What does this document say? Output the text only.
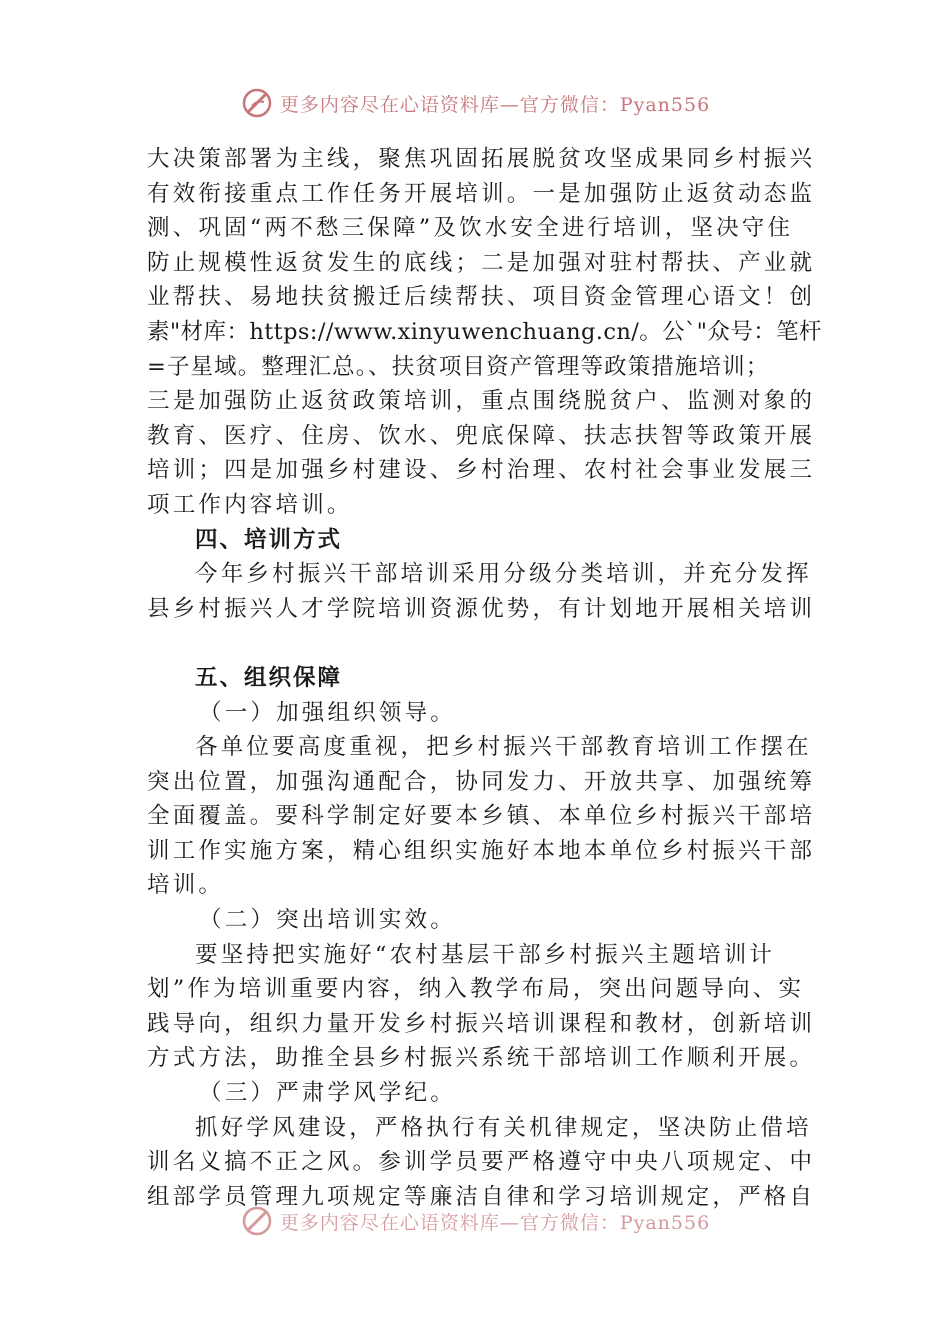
更多内容尽在心语资料库—官方微信：Pyan556
大决策部署为主线，聚焦巩固拓展脱贫攻坚成果同乡村振兴
有效衔接重点工作任务开展培训。一是加强防止返贫动态监
测、巩固“两不愁三保障”及饮水安全进行培训，坚决守住
防止规模性返贫发生的底线；二是加强对驻村帮扶、产业就
业帮扶、易地扶贫搬迁后续帮扶、项目资金管理心语文！创
素"材库：https://www.xinyuwenchuang.cn/。公`"众号：笔杆
=子星域。整理汇总。、扶贫项目资产管理等政策措施培训；
三是加强防止返贫政策培训，重点围绕脱贫户、监测对象的
教育、医疗、住房、饮水、兜底保障、扶志扶智等政策开展
培训；四是加强乡村建设、乡村治理、农村社会事业发展三
项工作内容培训。
四、培训方式
今年乡村振兴干部培训采用分级分类培训，并充分发挥
县乡村振兴人才学院培训资源优势，有计划地开展相关培训
五、组织保障
（一）加强组织领导。
各单位要高度重视，把乡村振兴干部教育培训工作摆在
突出位置，加强沟通配合，协同发力、开放共享、加强统筹
全面覆盖。要科学制定好要本乡镇、本单位乡村振兴干部培
训工作实施方案，精心组织实施好本地本单位乡村振兴干部
培训。
（二）突出培训实效。
要坚持把实施好“农村基层干部乡村振兴主题培训计
划”作为培训重要内容，纳入教学布局，突出问题导向、实
践导向，组织力量开发乡村振兴培训课程和教材，创新培训
方式方法，助推全县乡村振兴系统干部培训工作顺利开展。
（三）严肃学风学纪。
抓好学风建设，严格执行有关机律规定，坚决防止借培
训名义搞不正之风。参训学员要严格遵守中央八项规定、中
组部学员管理九项规定等廉洁自律和学习培训规定，严格自
更多内容尽在心语资料库—官方微信：Pyan556
